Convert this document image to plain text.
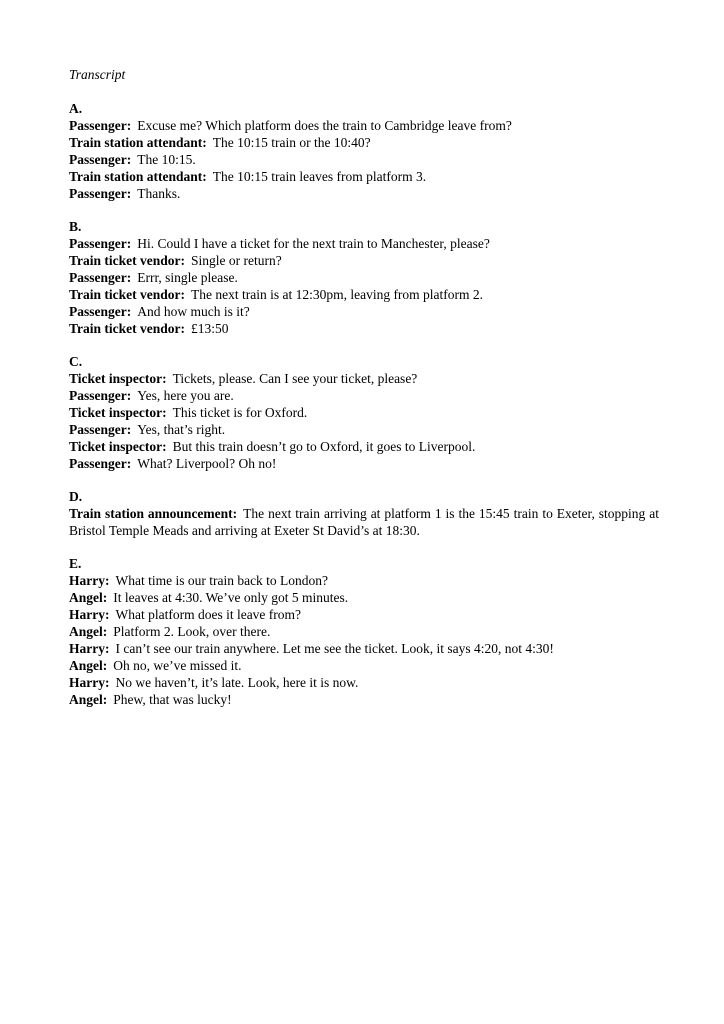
Transcript

A.

Passenger: Excuse me? Which platform does the train to Cambridge leave from?

Train station attendant: The 10:15 train or the 10:40?

Passenger: The 10:15.

Train station attendant: The 10:15 train leaves from platform 3.

Passenger: Thanks.

B.

Passenger: Hi. Could I have a ticket for the next train to Manchester, please?

Train ticket vendor: Single or return?

Passenger: Errr, single please.

Train ticket vendor: The next train is at 12:30pm, leaving from platform 2.

Passenger: And how much is it?

Train ticket vendor: £13:50

C.

Ticket inspector: Tickets, please. Can I see your ticket, please?

Passenger: Yes, here you are.

Ticket inspector: This ticket is for Oxford.

Passenger: Yes, that’s right.

Ticket inspector: But this train doesn’t go to Oxford, it goes to Liverpool.

Passenger: What? Liverpool? Oh no!

D.

Train station announcement: The next train arriving at platform 1 is the 15:45 train to Exeter, stopping at Bristol Temple Meads and arriving at Exeter St David’s at 18:30.

E.

Harry: What time is our train back to London?

Angel: It leaves at 4:30. We’ve only got 5 minutes.

Harry: What platform does it leave from?

Angel: Platform 2. Look, over there.

Harry: I can’t see our train anywhere. Let me see the ticket. Look, it says 4:20, not 4:30!

Angel: Oh no, we’ve missed it.

Harry: No we haven’t, it’s late. Look, here it is now.

Angel: Phew, that was lucky!
